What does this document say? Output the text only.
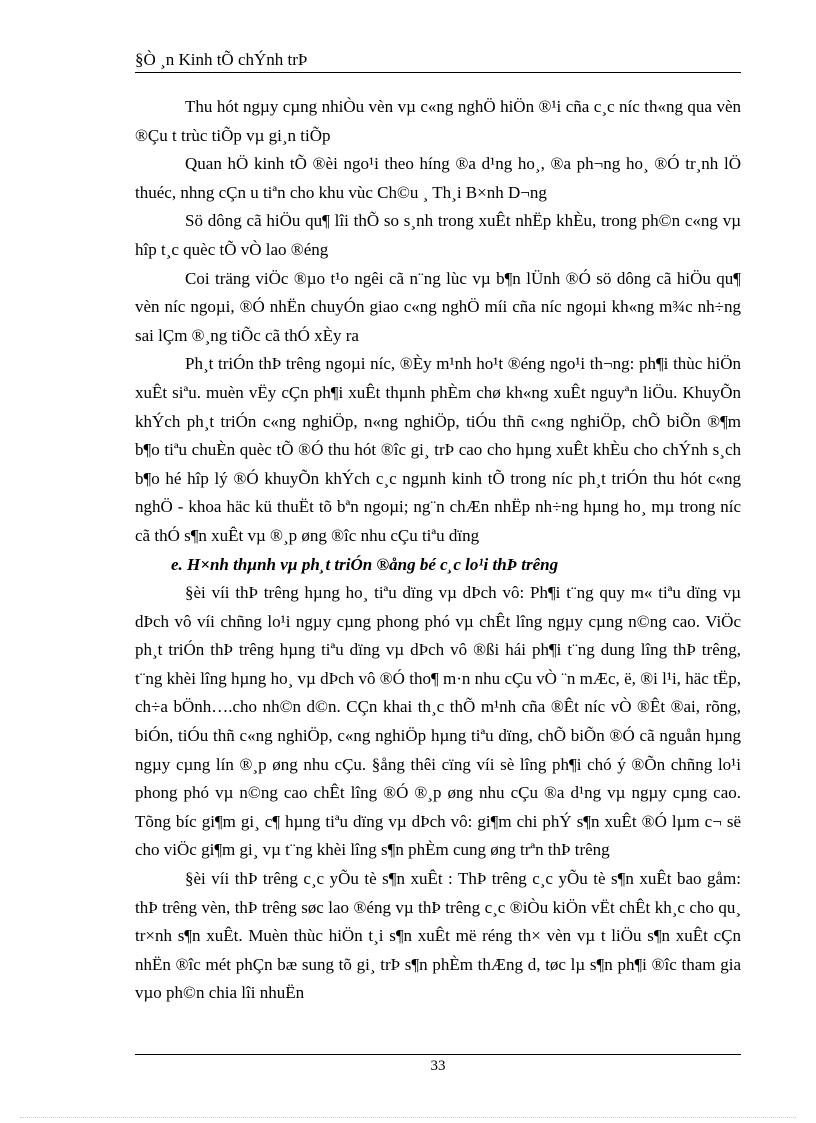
§Ò ¸n Kinh tÕ chÝnh trÞ

Thu hót ngµy cµng nhiÒu vèn vµ c«ng nghÖ hiÖn ®¹i cña c¸c níc th«ng qua vèn ®Çu t trùc tiÕp vµ gi¸n tiÕp

Quan hÖ kinh tÕ ®èi ngo¹i theo híng ®a d¹ng ho¸, ®a ph¬ng ho¸ ®Ó tr¸nh lÖ thuéc, nhng cÇn u tiªn cho khu vùc Ch©u ¸ Th¸i B×nh D¬ng

Sö dông cã hiÖu qu¶ lîi thÕ so s¸nh trong xuÊt nhËp khÈu, trong ph©n c«ng vµ hîp t¸c quèc tÕ vÒ lao ®éng

Coi träng viÖc ®µo t¹o ngêi cã n¨ng lùc vµ b¶n lÜnh ®Ó sö dông cã hiÖu qu¶ vèn níc ngoµi, ®Ó nhËn chuyÓn giao c«ng nghÖ míi cña níc ngoµi kh«ng m¾c nh÷ng sai lÇm ®¸ng tiÕc cã thÓ xÈy ra

Ph¸t triÓn thÞ trêng ngoµi níc, ®Èy m¹nh ho¹t ®éng ngo¹i th¬ng: ph¶i thùc hiÖn xuÊt siªu. muèn vËy cÇn ph¶i xuÊt thµnh phÈm chø kh«ng xuÊt nguyªn liÖu. KhuyÕn khÝch ph¸t triÓn c«ng nghiÖp, n«ng nghiÖp, tiÓu thñ c«ng nghiÖp, chÕ biÕn ®¶m b¶o tiªu chuÈn quèc tÕ ®Ó thu hót ®îc gi¸ trÞ cao cho hµng xuÊt khÈu cho chÝnh s¸ch b¶o hé hîp lý ®Ó khuyÕn khÝch c¸c ngµnh kinh tÕ trong níc ph¸t triÓn thu hót c«ng nghÖ - khoa häc kü thuËt tõ bªn ngoµi; ng¨n chÆn nhËp nh÷ng hµng ho¸ mµ trong níc cã thÓ s¶n xuÊt vµ ®¸p øng ®îc nhu cÇu tiªu dïng

e. H×nh thµnh vµ ph¸t triÓn ®ång bé c¸c lo¹i thÞ trêng

§èi víi thÞ trêng hµng ho¸ tiªu dïng vµ dÞch vô: Ph¶i t¨ng quy m« tiªu dïng vµ dÞch vô víi chñng lo¹i ngµy cµng phong phó vµ chÊt lîng ngµy cµng n©ng cao. ViÖc ph¸t triÓn thÞ trêng hµng tiªu dïng vµ dÞch vô ®ßi hái ph¶i t¨ng dung lîng thÞ trêng, t¨ng khèi lîng hµng ho¸ vµ dÞch vô ®Ó tho¶ m·n nhu cÇu vÒ ¨n mÆc, ë, ®i l¹i, häc tËp, ch÷a bÖnh….cho nh©n d©n. CÇn khai th¸c thÕ m¹nh cña ®Êt níc vÒ ®Êt ®ai, rõng, biÓn, tiÓu thñ c«ng nghiÖp, c«ng nghiÖp hµng tiªu dïng, chÕ biÕn ®Ó cã nguån hµng ngµy cµng lín ®¸p øng nhu cÇu. §ång thêi cïng víi sè lîng ph¶i chó ý ®Õn chñng lo¹i phong phó vµ n©ng cao chÊt lîng ®Ó ®¸p øng nhu cÇu ®a d¹ng vµ ngµy cµng cao. Tõng bíc gi¶m gi¸ c¶ hµng tiªu dïng vµ dÞch vô: gi¶m chi phÝ s¶n xuÊt ®Ó lµm c¬ së cho viÖc gi¶m gi¸ vµ t¨ng khèi lîng s¶n phÈm cung øng trªn thÞ trêng

§èi víi thÞ trêng c¸c yÕu tè s¶n xuÊt : ThÞ trêng c¸c yÕu tè s¶n xuÊt bao gåm: thÞ trêng vèn, thÞ trêng søc lao ®éng vµ thÞ trêng c¸c ®iÒu kiÖn vËt chÊt kh¸c cho qu¸ tr×nh s¶n xuÊt. Muèn thùc hiÖn t¸i s¶n xuÊt më réng th× vèn vµ t liÖu s¶n xuÊt cÇn nhËn ®îc mét phÇn bæ sung tõ gi¸ trÞ s¶n phÈm thÆng d, tøc lµ s¶n ph¶i ®îc tham gia vµo ph©n chia lîi nhuËn

33
